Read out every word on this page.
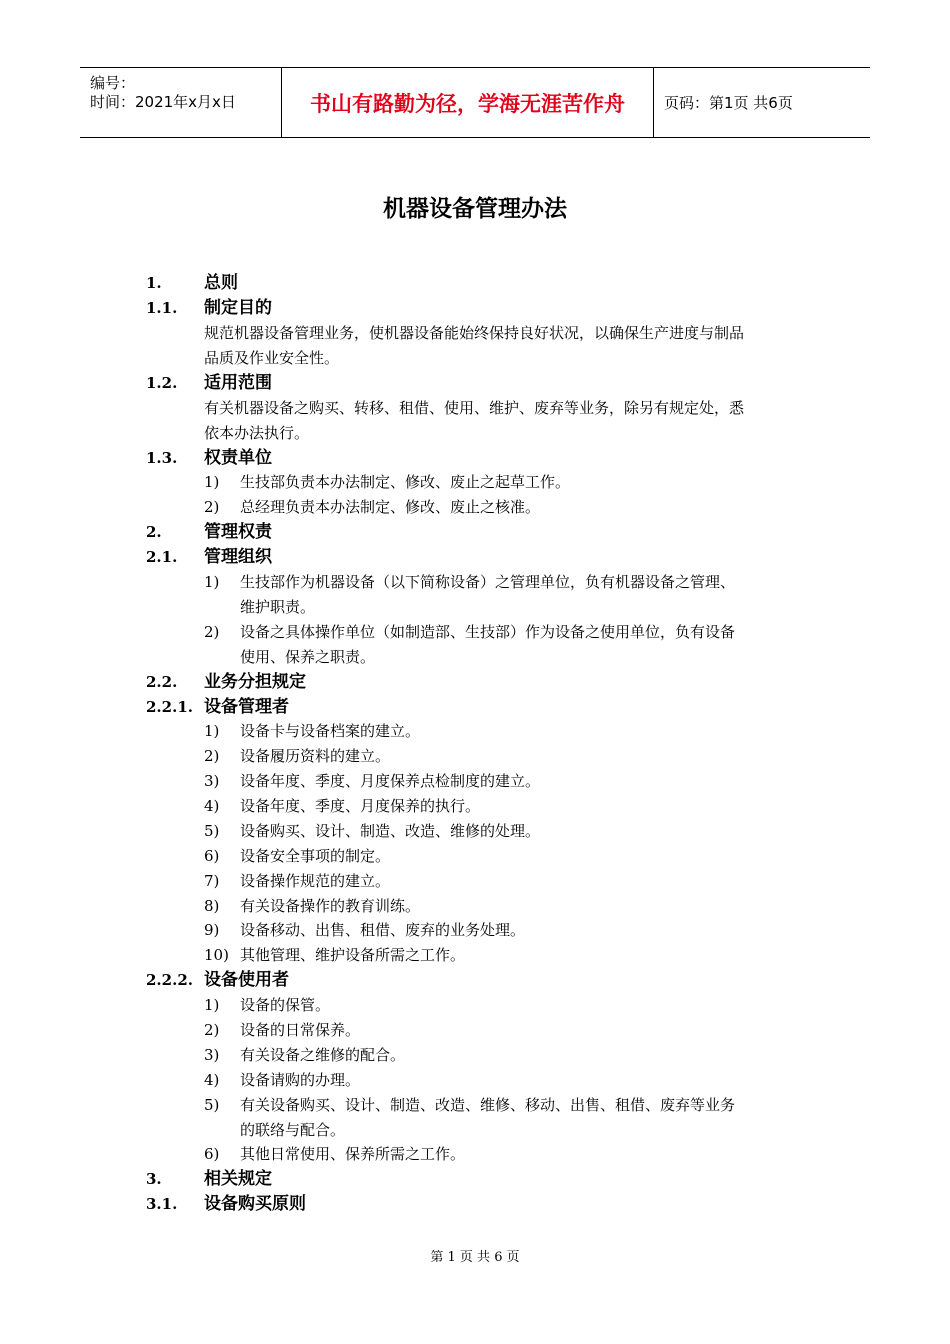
编号：
时间：2021年x月x日	书山有路勤为径，学海无涯苦作舟	页码：第1页 共6页
机器设备管理办法
1. 总则
1.1. 制定目的
规范机器设备管理业务，使机器设备能始终保持良好状况，以确保生产进度与制品
品质及作业安全性。
1.2. 适用范围
有关机器设备之购买、转移、租借、使用、维护、废弃等业务，除另有规定处，悉
依本办法执行。
1.3. 权责单位
1) 生技部负责本办法制定、修改、废止之起草工作。
2) 总经理负责本办法制定、修改、废止之核准。
2. 管理权责
2.1. 管理组织
1) 生技部作为机器设备（以下简称设备）之管理单位，负有机器设备之管理、
维护职责。
2) 设备之具体操作单位（如制造部、生技部）作为设备之使用单位，负有设备
使用、保养之职责。
2.2. 业务分担规定
2.2.1. 设备管理者
1) 设备卡与设备档案的建立。
2) 设备履历资料的建立。
3) 设备年度、季度、月度保养点检制度的建立。
4) 设备年度、季度、月度保养的执行。
5) 设备购买、设计、制造、改造、维修的处理。
6) 设备安全事项的制定。
7) 设备操作规范的建立。
8) 有关设备操作的教育训练。
9) 设备移动、出售、租借、废弃的业务处理。
10) 其他管理、维护设备所需之工作。
2.2.2. 设备使用者
1) 设备的保管。
2) 设备的日常保养。
3) 有关设备之维修的配合。
4) 设备请购的办理。
5) 有关设备购买、设计、制造、改造、维修、移动、出售、租借、废弃等业务
的联络与配合。
6) 其他日常使用、保养所需之工作。
3. 相关规定
3.1. 设备购买原则
第 1 页 共 6 页
